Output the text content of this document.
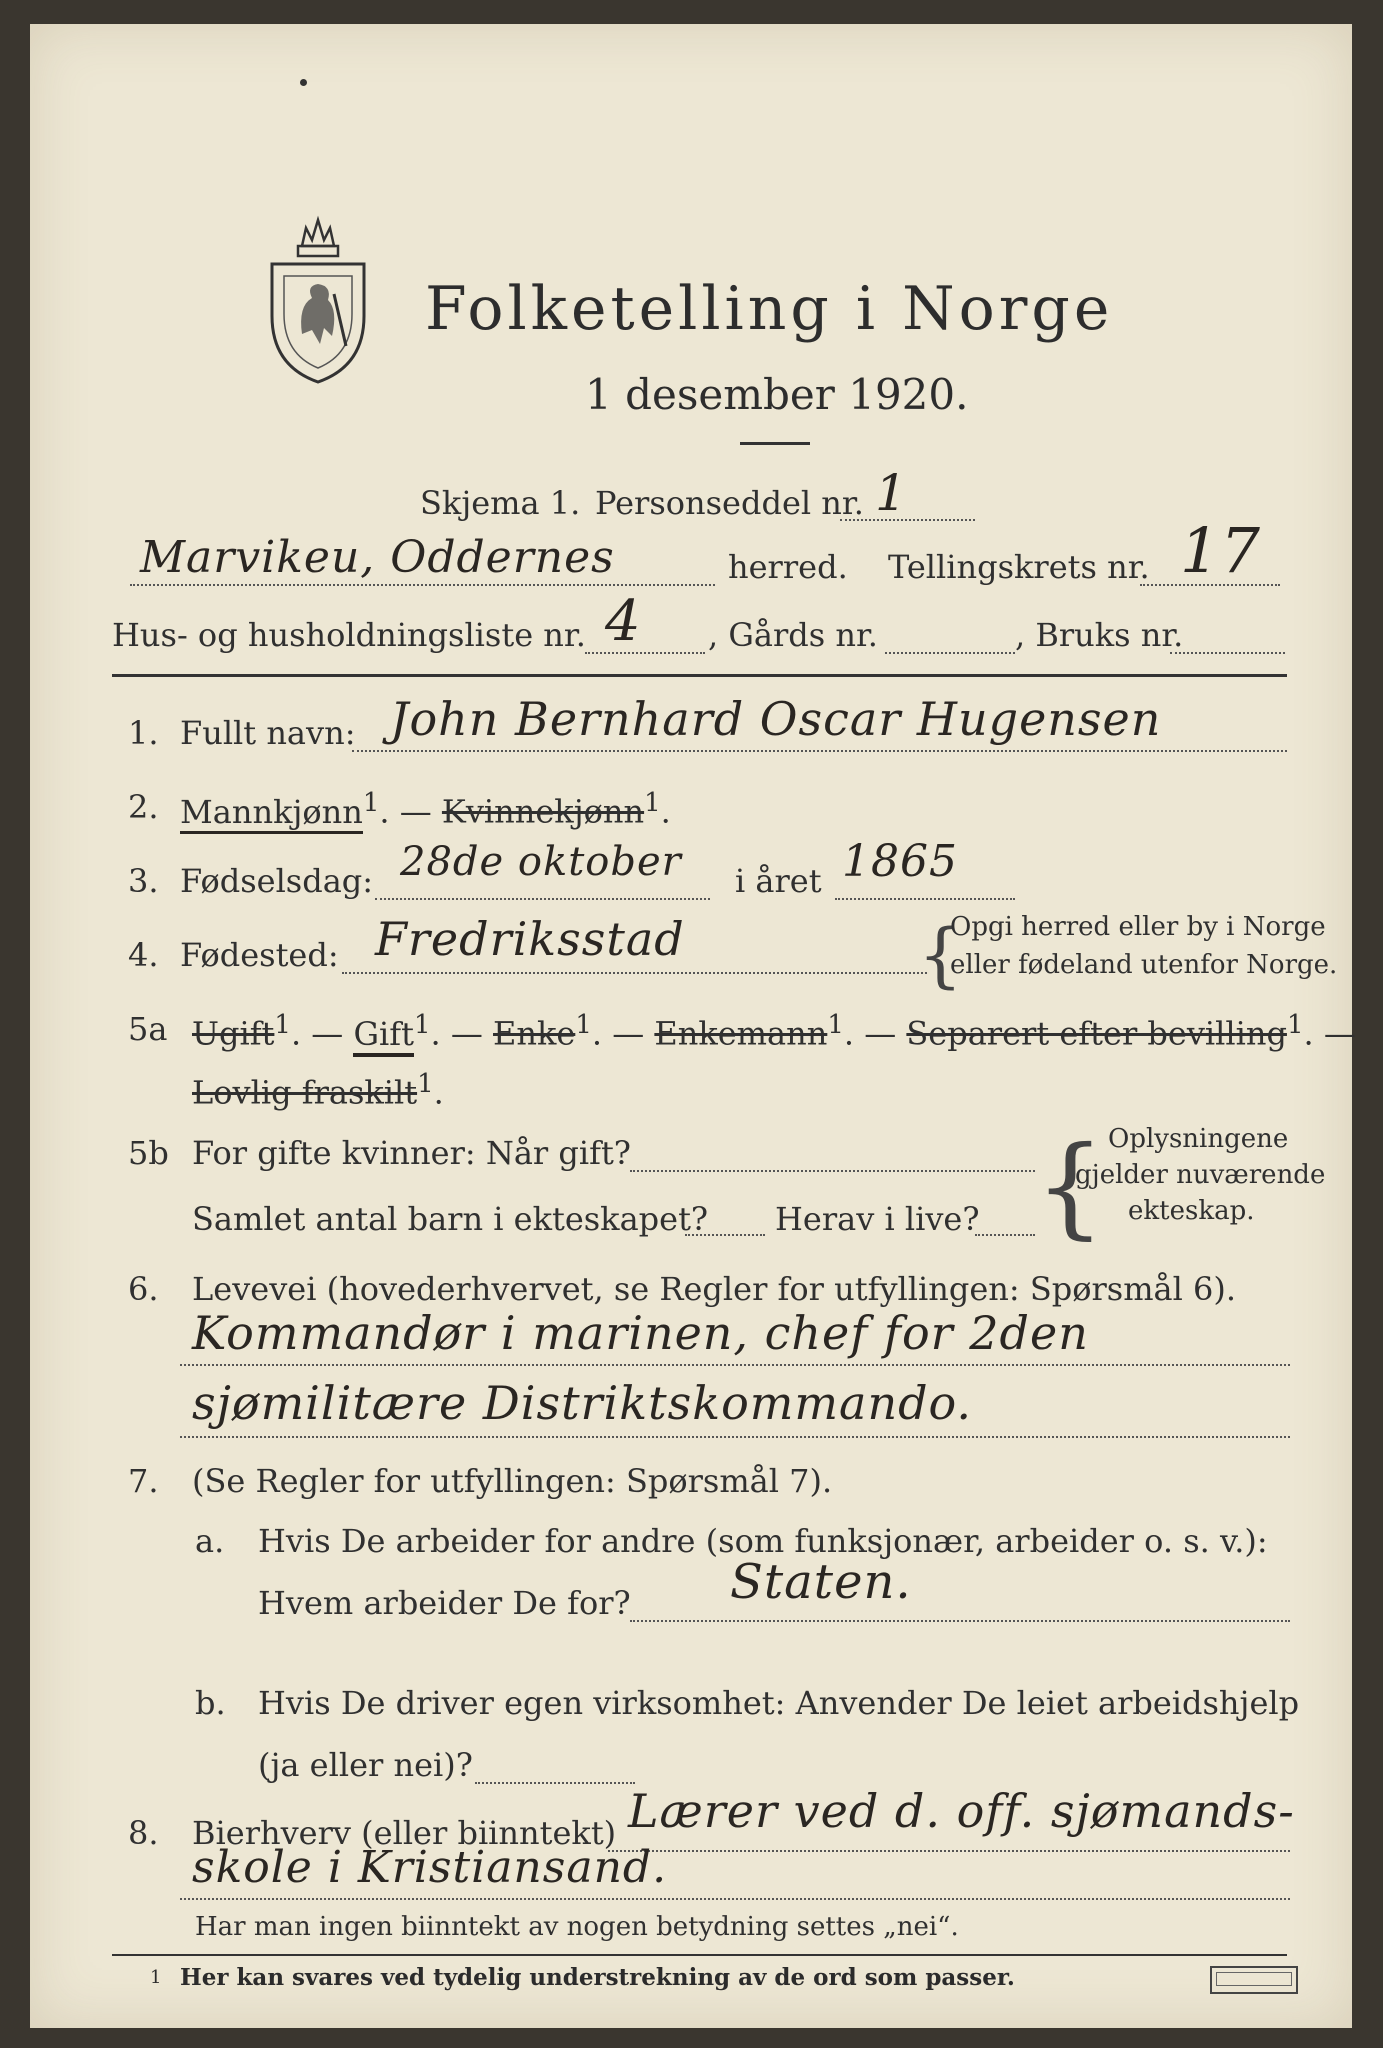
Folketelling i Norge
1 desember 1920.
Skjema 1. Personseddel nr. 1
Marvikeu, Oddernes	herred. Tellingskrets nr. 17
Hus- og husholdningsliste nr. 4 , Gårds nr.	, Bruks nr.
1. Fullt navn: John Bernhard Oscar Hugensen
2. Mannkjønn$^1$. — Kvinnekjønn$^1$.
3. Fødselsdag: 28de oktober i året 1865
4. Fødested: Fredriksstad	{
Opgi herred eller by i Norge
eller fødeland utenfor Norge.
5a Ugift$^1$. — Gift$^1$. — Enke$^1$. — Enkemann$^1$. — Separert efter bevilling$^1$. —
Lovlig fraskilt$^1$.
5b For gifte kvinner: Når gift?
Samlet antal barn i ekteskapet? Herav i live? { Oplysningene
gjelder nuværende
ekteskap.
6. Levevei (hovederhvervet, se Regler for utfyllingen: Spørsmål 6).
Kommandør i marinen, chef for 2den
sjømilitære Distriktskommando.
7. (Se Regler for utfyllingen: Spørsmål 7).
a. Hvis De arbeider for andre (som funksjonær, arbeider o. s. v.):
Hvem arbeider De for? Staten.
b. Hvis De driver egen virksomhet: Anvender De leiet arbeidshjelp
(ja eller nei)?
8. Bierhverv (eller biinntekt) Lærer ved d. off. sjømands-
skole i Kristiansand.
Har man ingen biinntekt av nogen betydning settes „nei“.
1 Her kan svares ved tydelig understrekning av de ord som passer.
